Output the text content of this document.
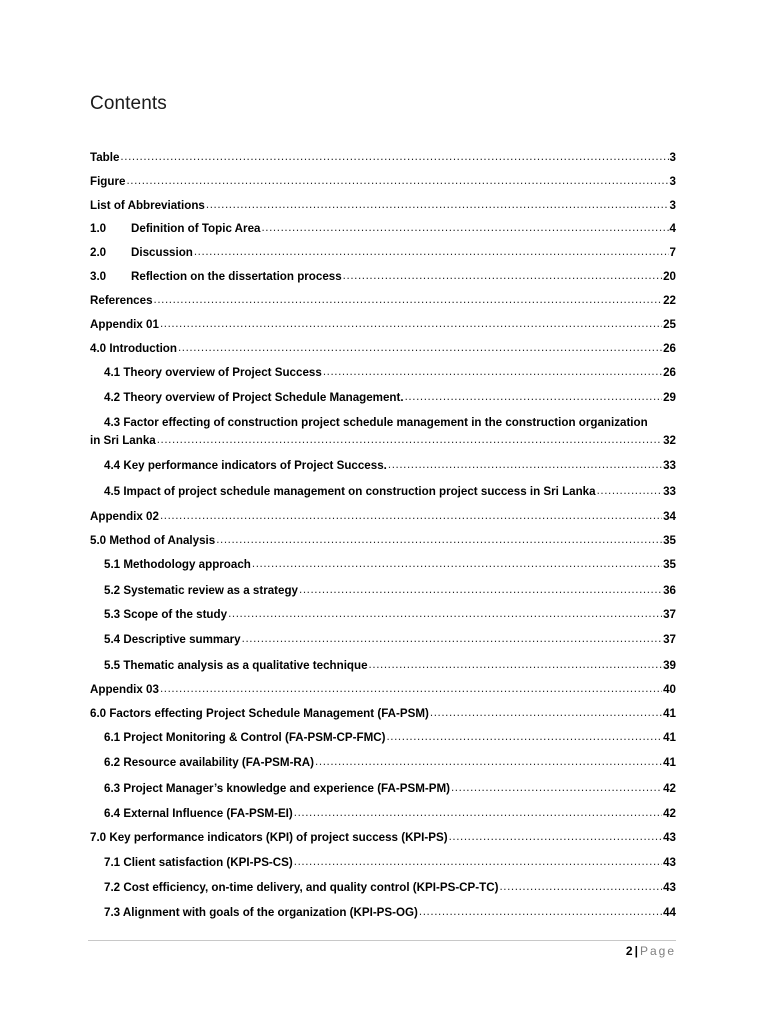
Contents
Table .....	3
Figure .....	3
List of Abbreviations .....	3
1.0	Definition of Topic Area .....	4
2.0	Discussion .....	7
3.0	Reflection on the dissertation process .....	20
References .....	22
Appendix 01 .....	25
4.0 Introduction .....	26
4.1 Theory overview of Project Success .....	26
4.2 Theory overview of Project Schedule Management. .....	29
4.3 Factor effecting of construction project schedule management in the construction organization
in Sri Lanka .....	32
4.4 Key performance indicators of Project Success. .....	33
4.5 Impact of project schedule management on construction project success in Sri Lanka .....	33
Appendix 02 .....	34
5.0 Method of Analysis .....	35
5.1 Methodology approach .....	35
5.2 Systematic review as a strategy .....	36
5.3 Scope of the study .....	37
5.4 Descriptive summary .....	37
5.5 Thematic analysis as a qualitative technique .....	39
Appendix 03 .....	40
6.0 Factors effecting Project Schedule Management (FA-PSM) .....	41
6.1 Project Monitoring & Control (FA-PSM-CP-FMC) .....	41
6.2 Resource availability (FA-PSM-RA) .....	41
6.3 Project Manager’s knowledge and experience (FA-PSM-PM) .....	42
6.4 External Influence (FA-PSM-EI) .....	42
7.0 Key performance indicators (KPI) of project success (KPI-PS) .....	43
7.1 Client satisfaction (KPI-PS-CS) .....	43
7.2 Cost efficiency, on-time delivery, and quality control (KPI-PS-CP-TC) .....	43
7.3 Alignment with goals of the organization (KPI-PS-OG) .....	44
2 | Page
